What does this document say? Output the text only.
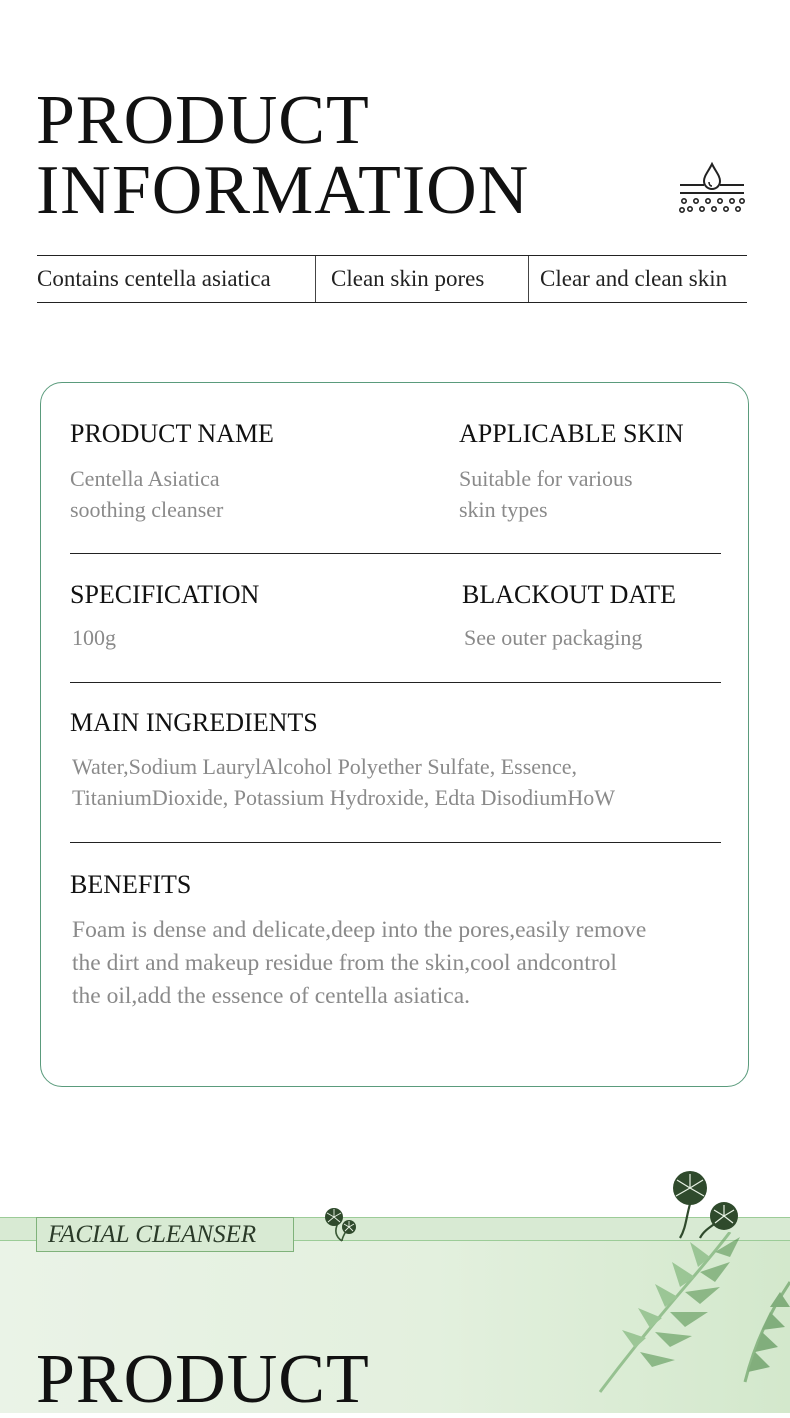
PRODUCT
INFORMATION
Contains centella asiatica	Clean skin pores	Clear and clean skin
PRODUCT NAME
Centella Asiatica
soothing cleanser
APPLICABLE SKIN
Suitable for various
skin types
SPECIFICATION
100g
BLACKOUT DATE
See outer packaging
MAIN INGREDIENTS
Water,Sodium LaurylAlcohol Polyether Sulfate, Essence,
TitaniumDioxide, Potassium Hydroxide, Edta DisodiumHoW
BENEFITS
Foam is dense and delicate,deep into the pores,easily remove
the dirt and makeup residue from the skin,cool andcontrol
the oil,add the essence of centella asiatica.
FACIAL CLEANSER
PRODUCT
